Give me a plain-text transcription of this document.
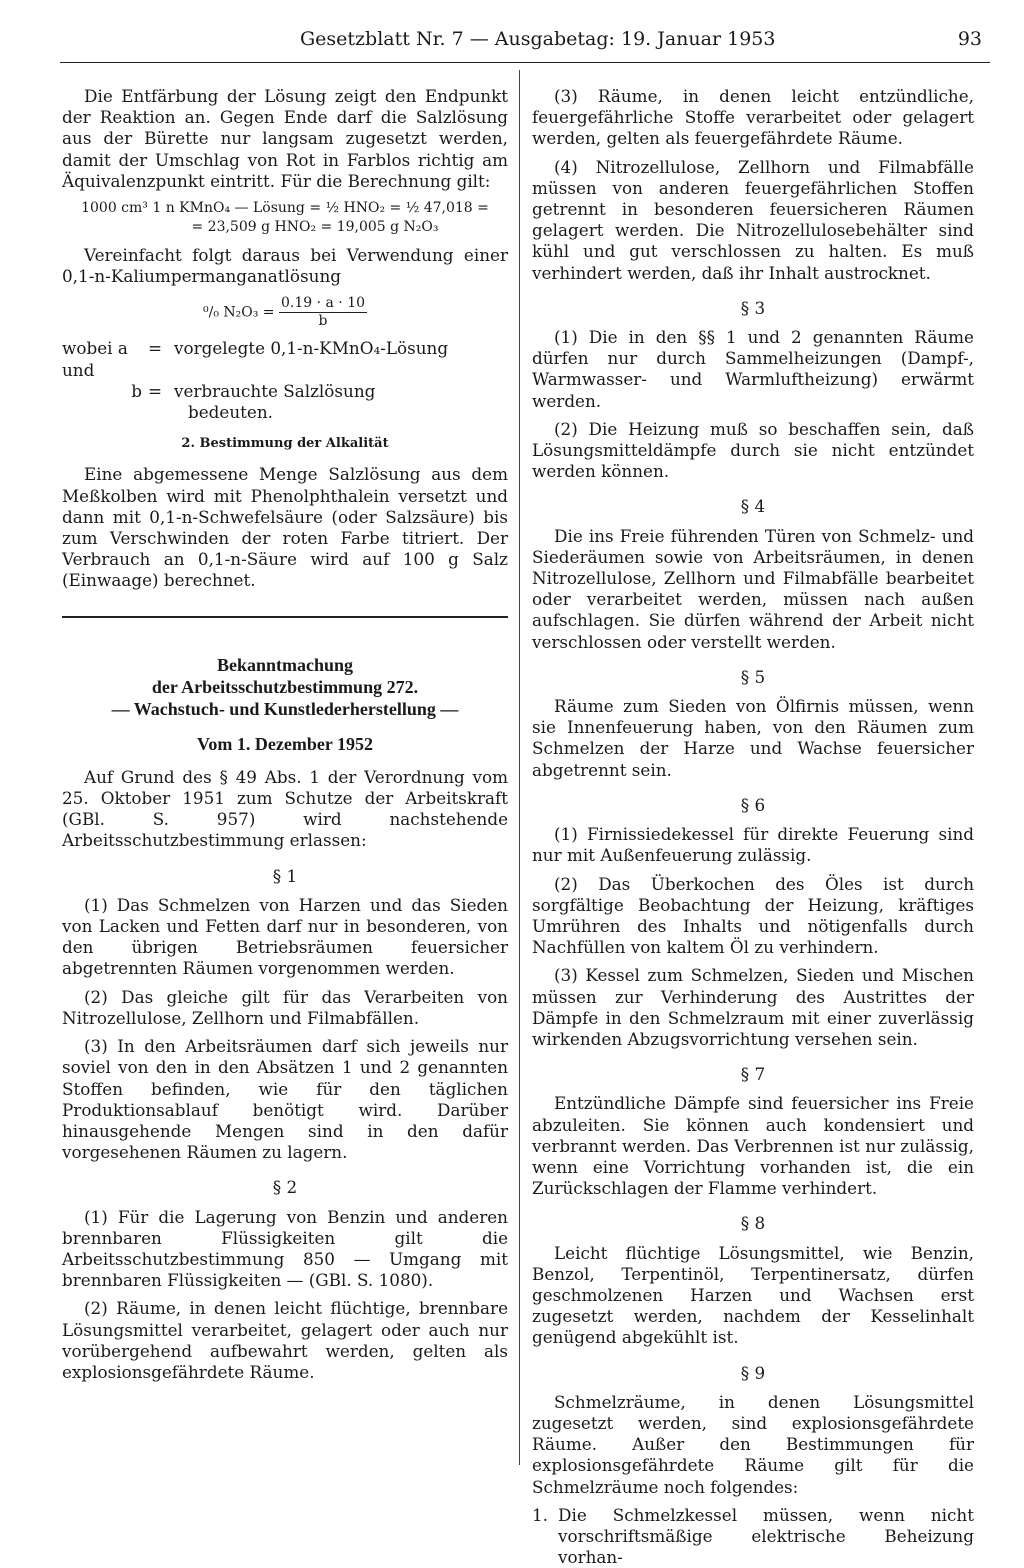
Gesetzblatt Nr. 7 — Ausgabetag: 19. Januar 1953	93

Die Entfärbung der Lösung zeigt den Endpunkt der Reaktion an. Gegen Ende darf die Salzlösung aus der Bürette nur langsam zugesetzt werden, damit der Umschlag von Rot in Farblos richtig am Äquivalenzpunkt eintritt. Für die Berechnung gilt:

1000 cm³ 1 n KMnO₄ — Lösung = ½ HNO₂ = ½ 47,018 =
= 23,509 g HNO₂ = 19,005 g N₂O₃

Vereinfacht folgt daraus bei Verwendung einer 0,1-n-Kaliumpermanganatlösung

⁰/₀ $N_2O_3 = \frac{0.19 \cdot a \cdot 10}{b}$
wobei a	= vorgelegte 0,1-n-KMnO₄-Lösung
und
b = verbrauchte Salzlösung
bedeuten.
2. Bestimmung der Alkalität

Eine abgemessene Menge Salzlösung aus dem Meßkolben wird mit Phenolphthalein versetzt und dann mit 0,1-n-Schwefelsäure (oder Salzsäure) bis zum Verschwinden der roten Farbe titriert. Der Verbrauch an 0,1-n-Säure wird auf 100 g Salz (Einwaage) berechnet.

Bekanntmachung
der Arbeitsschutzbestimmung 272.
— Wachstuch- und Kunstlederherstellung —
Vom 1. Dezember 1952

Auf Grund des § 49 Abs. 1 der Verordnung vom 25. Oktober 1951 zum Schutze der Arbeitskraft (GBl. S. 957) wird nachstehende Arbeitsschutzbestimmung erlassen:

§ 1

(1) Das Schmelzen von Harzen und das Sieden von Lacken und Fetten darf nur in besonderen, von den übrigen Betriebsräumen feuersicher abgetrennten Räumen vorgenommen werden.

(2) Das gleiche gilt für das Verarbeiten von Nitrozellulose, Zellhorn und Filmabfällen.

(3) In den Arbeitsräumen darf sich jeweils nur soviel von den in den Absätzen 1 und 2 genannten Stoffen befinden, wie für den täglichen Produktionsablauf benötigt wird. Darüber hinausgehende Mengen sind in den dafür vorgesehenen Räumen zu lagern.

§ 2

(1) Für die Lagerung von Benzin und anderen brennbaren Flüssigkeiten gilt die Arbeitsschutzbestimmung 850 — Umgang mit brennbaren Flüssigkeiten — (GBl. S. 1080).

(2) Räume, in denen leicht flüchtige, brennbare Lösungsmittel verarbeitet, gelagert oder auch nur vorübergehend aufbewahrt werden, gelten als explosionsgefährdete Räume.

(3) Räume, in denen leicht entzündliche, feuergefährliche Stoffe verarbeitet oder gelagert werden, gelten als feuergefährdete Räume.

(4) Nitrozellulose, Zellhorn und Filmabfälle müssen von anderen feuergefährlichen Stoffen getrennt in besonderen feuersicheren Räumen gelagert werden. Die Nitrozellulosebehälter sind kühl und gut verschlossen zu halten. Es muß verhindert werden, daß ihr Inhalt austrocknet.

§ 3

(1) Die in den §§ 1 und 2 genannten Räume dürfen nur durch Sammelheizungen (Dampf-, Warmwasser- und Warmluftheizung) erwärmt werden.

(2) Die Heizung muß so beschaffen sein, daß Lösungsmitteldämpfe durch sie nicht entzündet werden können.

§ 4

Die ins Freie führenden Türen von Schmelz- und Siederäumen sowie von Arbeitsräumen, in denen Nitrozellulose, Zellhorn und Filmabfälle bearbeitet oder verarbeitet werden, müssen nach außen aufschlagen. Sie dürfen während der Arbeit nicht verschlossen oder verstellt werden.

§ 5

Räume zum Sieden von Ölfirnis müssen, wenn sie Innenfeuerung haben, von den Räumen zum Schmelzen der Harze und Wachse feuersicher abgetrennt sein.

§ 6

(1) Firnissiedekessel für direkte Feuerung sind nur mit Außenfeuerung zulässig.

(2) Das Überkochen des Öles ist durch sorgfältige Beobachtung der Heizung, kräftiges Umrühren des Inhalts und nötigenfalls durch Nachfüllen von kaltem Öl zu verhindern.

(3) Kessel zum Schmelzen, Sieden und Mischen müssen zur Verhinderung des Austrittes der Dämpfe in den Schmelzraum mit einer zuverlässig wirkenden Abzugsvorrichtung versehen sein.

§ 7

Entzündliche Dämpfe sind feuersicher ins Freie abzuleiten. Sie können auch kondensiert und verbrannt werden. Das Verbrennen ist nur zulässig, wenn eine Vorrichtung vorhanden ist, die ein Zurückschlagen der Flamme verhindert.

§ 8

Leicht flüchtige Lösungsmittel, wie Benzin, Benzol, Terpentinöl, Terpentinersatz, dürfen geschmolzenen Harzen und Wachsen erst zugesetzt werden, nachdem der Kesselinhalt genügend abgekühlt ist.

§ 9

Schmelzräume, in denen Lösungsmittel zugesetzt werden, sind explosionsgefährdete Räume. Außer den Bestimmungen für explosionsgefährdete Räume gilt für die Schmelzräume noch folgendes:

1. Die Schmelzkessel müssen, wenn nicht vorschriftsmäßige elektrische Beheizung vorhan-
